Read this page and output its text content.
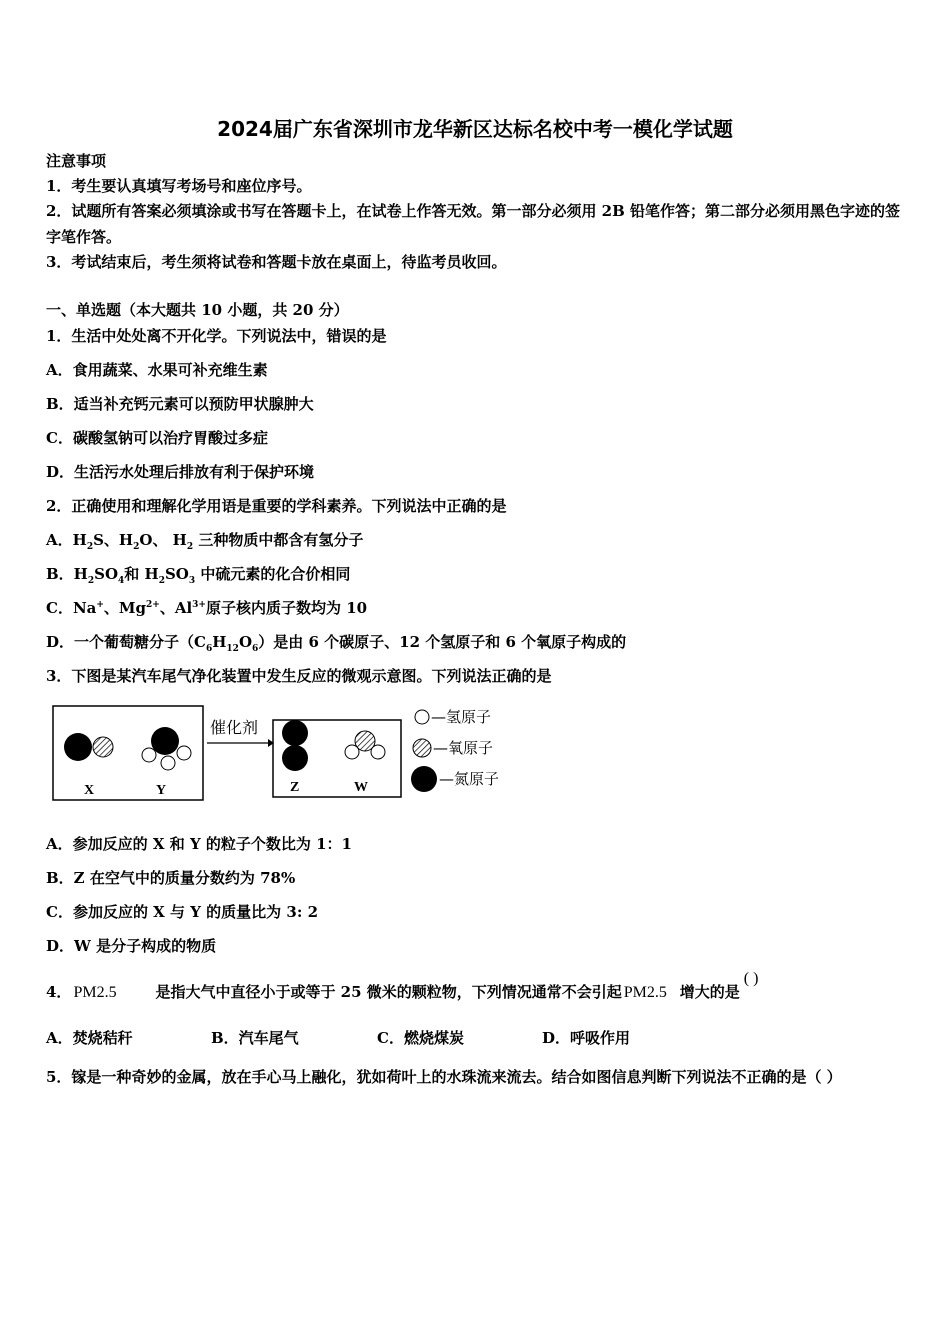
2024届广东省深圳市龙华新区达标名校中考一模化学试题
注意事项
1．考生要认真填写考场号和座位序号。
2．试题所有答案必须填涂或书写在答题卡上，在试卷上作答无效。第一部分必须用 2B 铅笔作答；第二部分必须用黑色字迹的签字笔作答。
3．考试结束后，考生须将试卷和答题卡放在桌面上，待监考员收回。
一、单选题（本大题共 10 小题，共 20 分）
1．生活中处处离不开化学。下列说法中，错误的是
A．食用蔬菜、水果可补充维生素
B．适当补充钙元素可以预防甲状腺肿大
C．碳酸氢钠可以治疗胃酸过多症
D．生活污水处理后排放有利于保护环境
2．正确使用和理解化学用语是重要的学科素养。下列说法中正确的是
A．$H_2S$、$H_2O$、 $H_2$ 三种物质中都含有氢分子
B．$H_2SO_4$和 $H_2SO_3$ 中硫元素的化合价相同
C．Na+、$Mg^{2+}$、$Al^{3+}$原子核内质子数均为 10
D．一个葡萄糖分子$(C_6H_{12}O_6)$是由 6 个碳原子、12 个氢原子和 6 个氧原子构成的
3．下图是某汽车尾气净化装置中发生反应的微观示意图。下列说法正确的是
X	Y
催化剂
Z	W
—氢原子
—氧原子
—氮原子
A．参加反应的 X 和 Y 的粒子个数比为 1：1
B．Z 在空气中的质量分数约为 78%
C．参加反应的 X 与 Y 的质量比为 3: 2
D．W 是分子构成的物质
4． PM2.5	是指大气中直径小于或等于 25 微米的颗粒物，下列情况通常不会引起 PM2.5 增大的是
( )
A．焚烧秸秆	B．汽车尾气	C．燃烧煤炭	D．呼吸作用
5．镓是一种奇妙的金属，放在手心马上融化，犹如荷叶上的水珠流来流去。结合如图信息判断下列说法不正确的是（ ）
